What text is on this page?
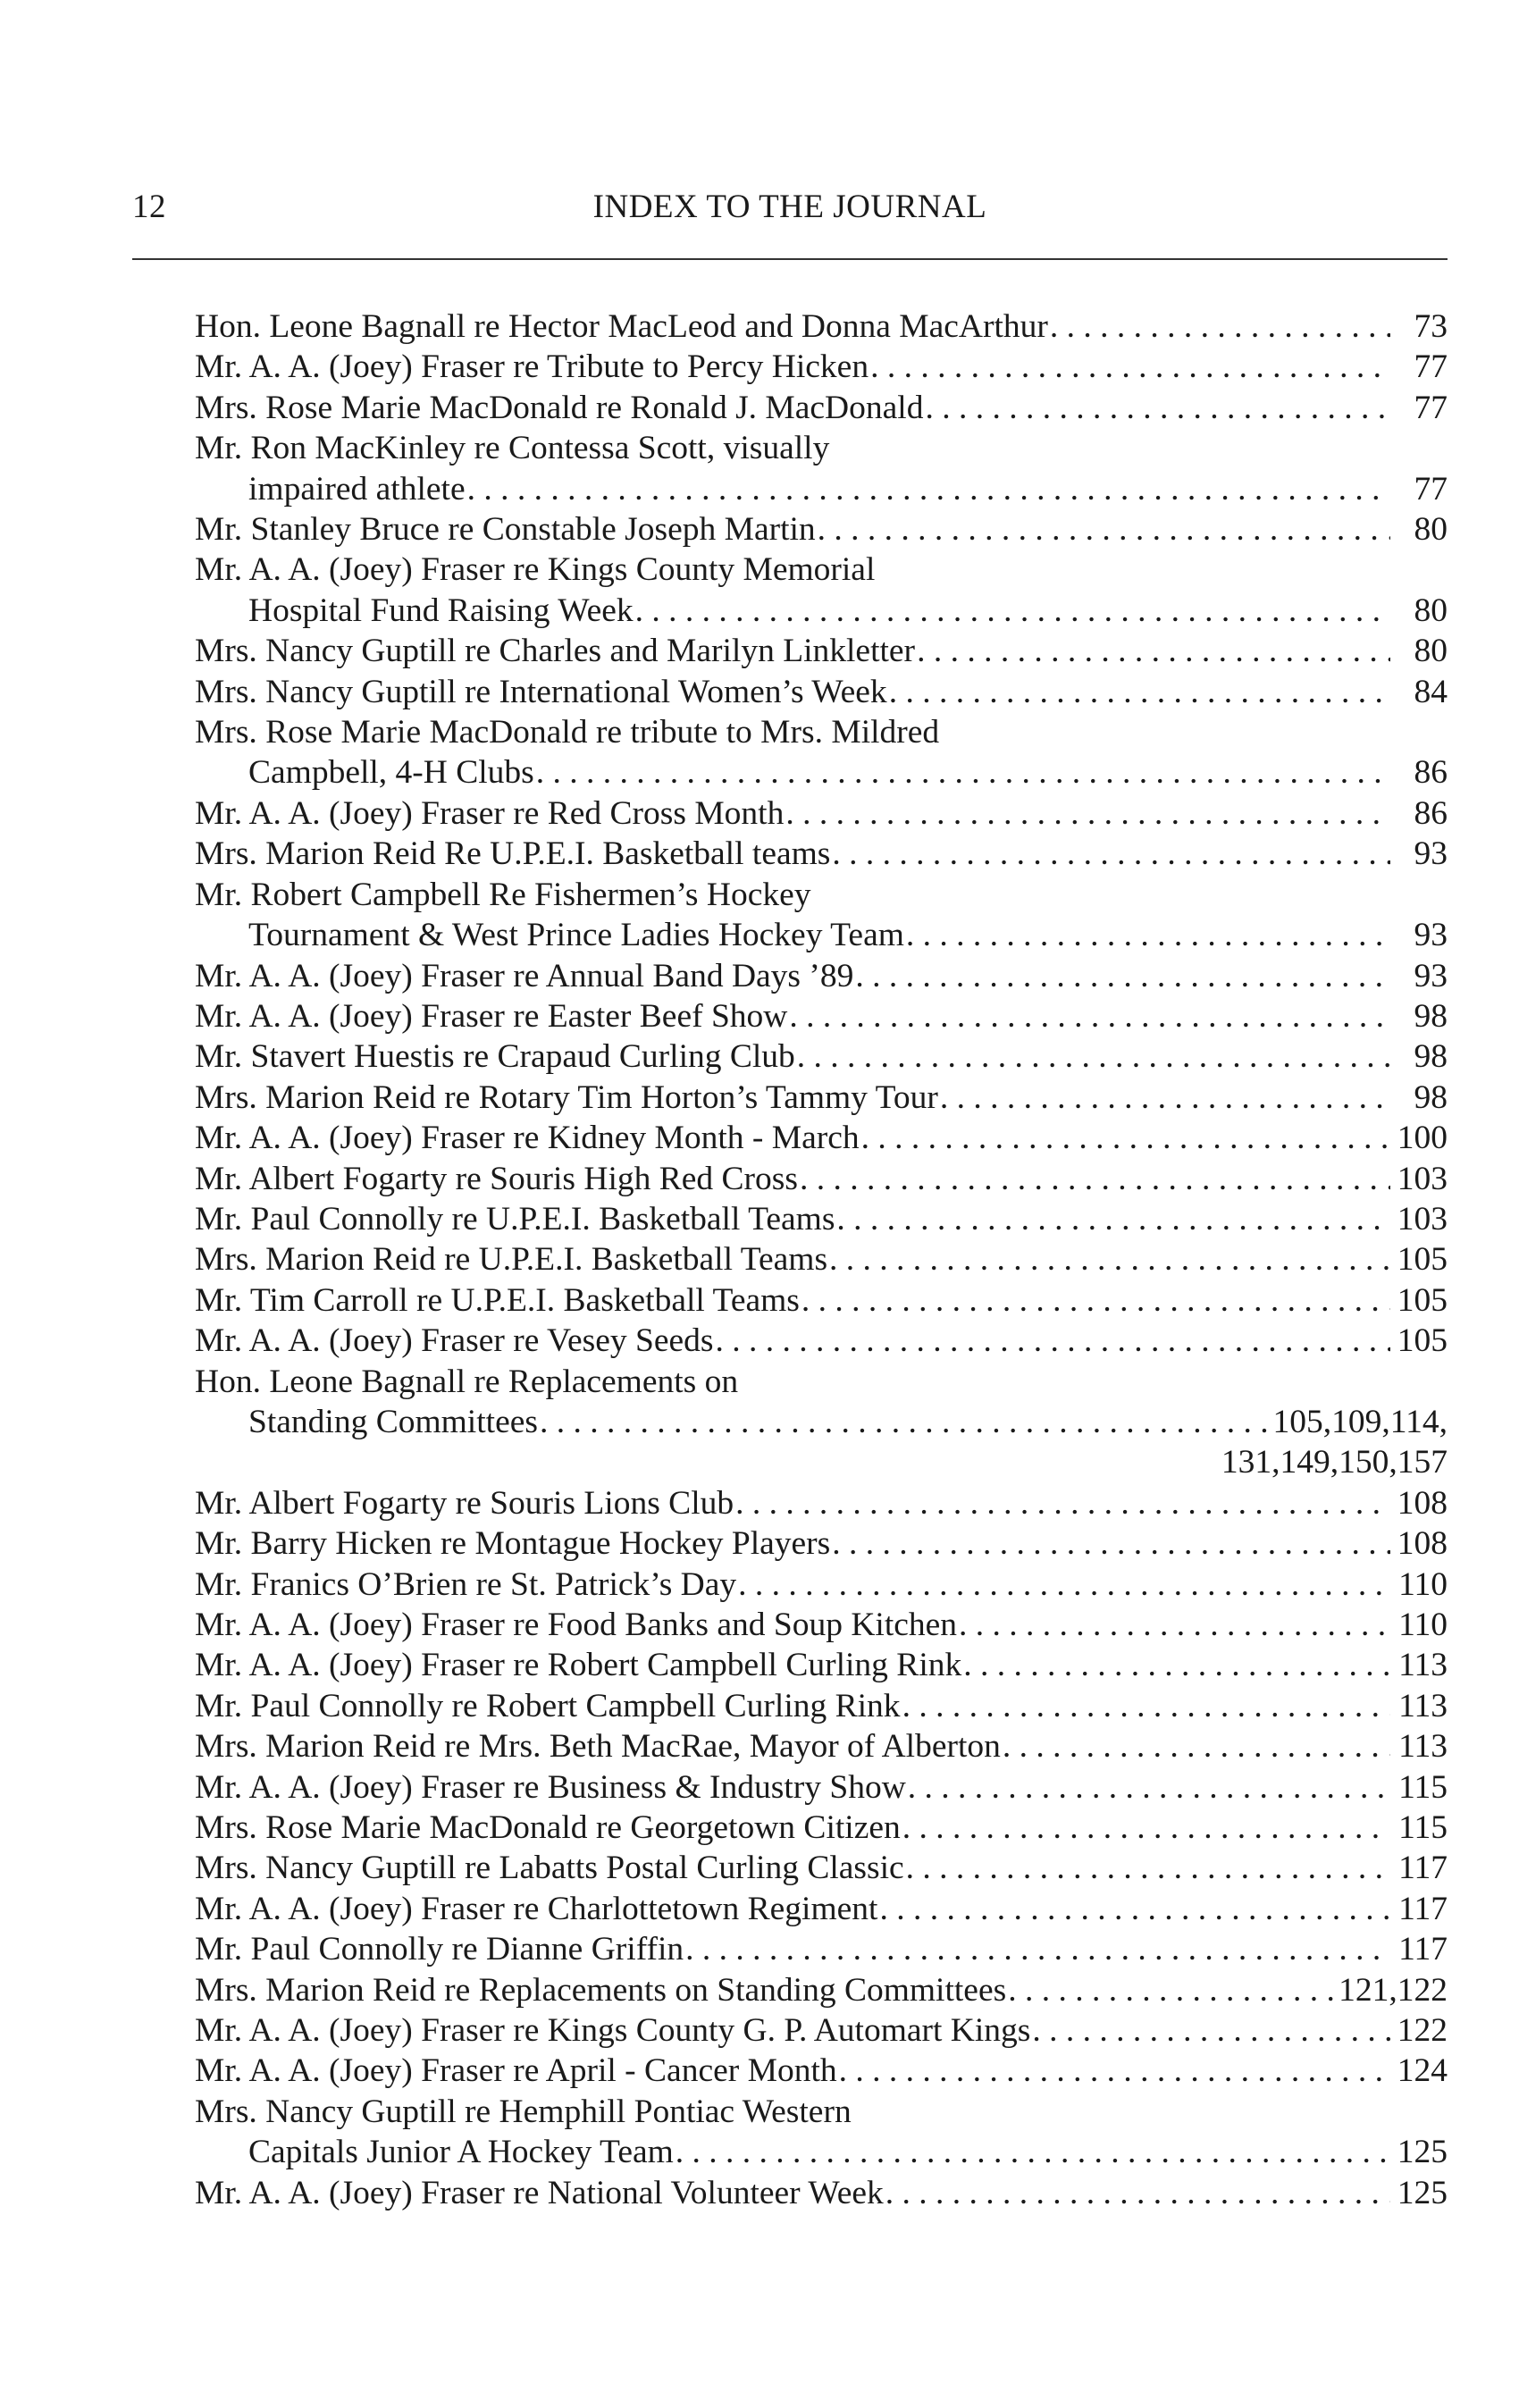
12	INDEX TO THE JOURNAL
Hon. Leone Bagnall re Hector MacLeod and Donna MacArthur . . .	73
Mr. A. A. (Joey) Fraser re Tribute to Percy Hicken . . .	77
Mrs. Rose Marie MacDonald re Ronald J. MacDonald . . .	77
Mr. Ron MacKinley re Contessa Scott, visually
impaired athlete . . .	77
Mr. Stanley Bruce re Constable Joseph Martin . . .	80
Mr. A. A. (Joey) Fraser re Kings County Memorial
Hospital Fund Raising Week . . .	80
Mrs. Nancy Guptill re Charles and Marilyn Linkletter . . .	80
Mrs. Nancy Guptill re International Women’s Week . . .	84
Mrs. Rose Marie MacDonald re tribute to Mrs. Mildred
Campbell, 4-H Clubs . . .	86
Mr. A. A. (Joey) Fraser re Red Cross Month . . .	86
Mrs. Marion Reid Re U.P.E.I. Basketball teams . . .	93
Mr. Robert Campbell Re Fishermen’s Hockey
Tournament & West Prince Ladies Hockey Team . . .	93
Mr. A. A. (Joey) Fraser re Annual Band Days ’89 . . .	93
Mr. A. A. (Joey) Fraser re Easter Beef Show . . .	98
Mr. Stavert Huestis re Crapaud Curling Club . . .	98
Mrs. Marion Reid re Rotary Tim Horton’s Tammy Tour . . .	98
Mr. A. A. (Joey) Fraser re Kidney Month - March . . .	100
Mr. Albert Fogarty re Souris High Red Cross . . .	103
Mr. Paul Connolly re U.P.E.I. Basketball Teams . . .	103
Mrs. Marion Reid re U.P.E.I. Basketball Teams . . .	105
Mr. Tim Carroll re U.P.E.I. Basketball Teams . . .	105
Mr. A. A. (Joey) Fraser re Vesey Seeds . . .	105
Hon. Leone Bagnall re Replacements on
Standing Committees . . .	105,109,114,
131,149,150,157
Mr. Albert Fogarty re Souris Lions Club . . .	108
Mr. Barry Hicken re Montague Hockey Players . . .	108
Mr. Franics O’Brien re St. Patrick’s Day . . .	110
Mr. A. A. (Joey) Fraser re Food Banks and Soup Kitchen . . .	110
Mr. A. A. (Joey) Fraser re Robert Campbell Curling Rink . . .	113
Mr. Paul Connolly re Robert Campbell Curling Rink . . .	113
Mrs. Marion Reid re Mrs. Beth MacRae, Mayor of Alberton . . .	113
Mr. A. A. (Joey) Fraser re Business & Industry Show . . .	115
Mrs. Rose Marie MacDonald re Georgetown Citizen . . .	115
Mrs. Nancy Guptill re Labatts Postal Curling Classic . . .	117
Mr. A. A. (Joey) Fraser re Charlottetown Regiment . . .	117
Mr. Paul Connolly re Dianne Griffin . . .	117
Mrs. Marion Reid re Replacements on Standing Committees . . .	121,122
Mr. A. A. (Joey) Fraser re Kings County G. P. Automart Kings . . .	122
Mr. A. A. (Joey) Fraser re April - Cancer Month . . .	124
Mrs. Nancy Guptill re Hemphill Pontiac Western
Capitals Junior A Hockey Team . . .	125
Mr. A. A. (Joey) Fraser re National Volunteer Week . . .	125
